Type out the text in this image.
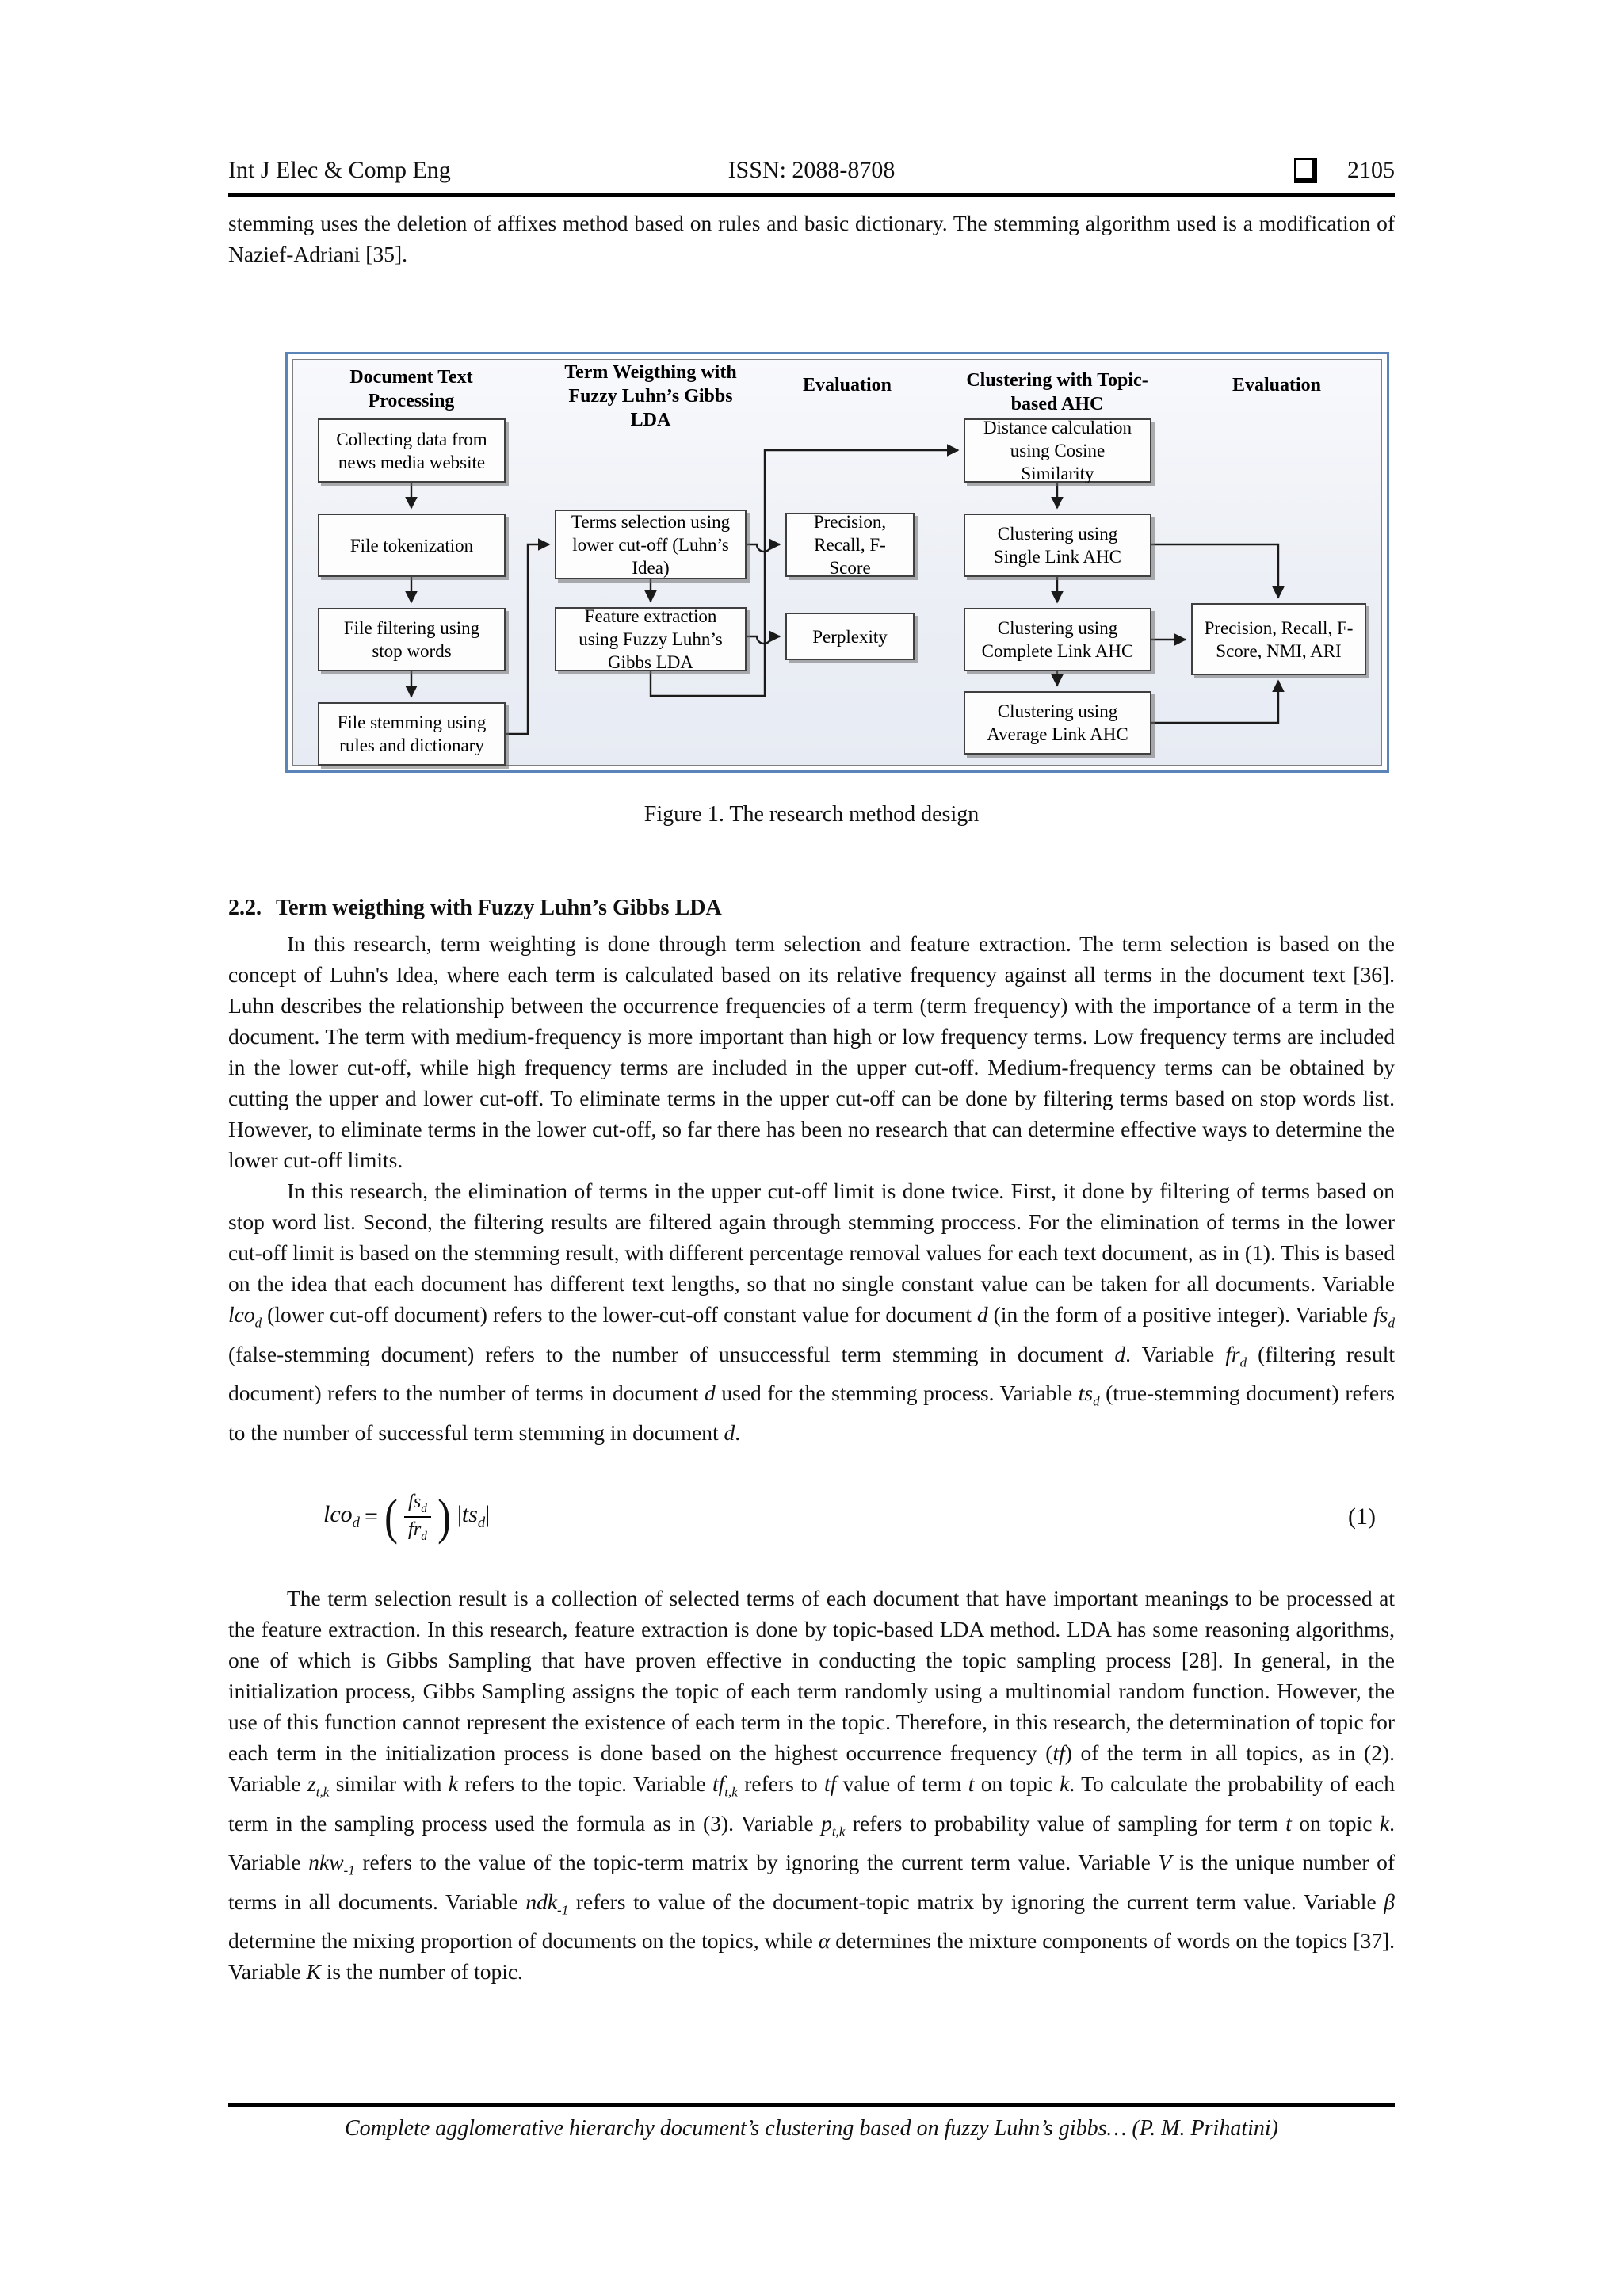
Int J Elec & Comp Eng	ISSN: 2088-8708	2105

stemming uses the deletion of affixes method based on rules and basic dictionary. The stemming algorithm used is a modification of Nazief-Adriani [35].

Document Text Processing
Term Weigthing with Fuzzy Luhn’s Gibbs LDA
Evaluation	Clustering with Topic-based AHC
Evaluation
Collecting data from news media website
File tokenization
File filtering using stop words
File stemming using rules and dictionary
Terms selection using lower cut-off (Luhn’s Idea)
Feature extraction using Fuzzy Luhn’s Gibbs LDA
Precision, Recall, F-Score
Perplexity
Distance calculation using Cosine Similarity
Clustering using Single Link AHC
Clustering using Complete Link AHC
Clustering using Average Link AHC
Precision, Recall, F-Score, NMI, ARI
Figure 1. The research method design
2.2. Term weigthing with Fuzzy Luhn’s Gibbs LDA

In this research, term weighting is done through term selection and feature extraction. The term selection is based on the concept of Luhn's Idea, where each term is calculated based on its relative frequency against all terms in the document text [36]. Luhn describes the relationship between the occurrence frequencies of a term (term frequency) with the importance of a term in the document. The term with medium-frequency is more important than high or low frequency terms. Low frequency terms are included in the lower cut-off, while high frequency terms are included in the upper cut-off. Medium-frequency terms can be obtained by cutting the upper and lower cut-off. To eliminate terms in the upper cut-off can be done by filtering terms based on stop words list. However, to eliminate terms in the lower cut-off, so far there has been no research that can determine effective ways to determine the lower cut-off limits.

In this research, the elimination of terms in the upper cut-off limit is done twice. First, it done by filtering of terms based on stop word list. Second, the filtering results are filtered again through stemming proccess. For the elimination of terms in the lower cut-off limit is based on the stemming result, with different percentage removal values for each text document, as in (1). This is based on the idea that each document has different text lengths, so that no single constant value can be taken for all documents. Variable lco$_d$ (lower cut-off document) refers to the lower-cut-off constant value for document d (in the form of a positive integer). Variable $fs_d$ (false-stemming document) refers to the number of unsuccessful term stemming in document d. Variable $fr_d$ (filtering result document) refers to the number of terms in document d used for the stemming process. Variable $ts_d$ (true-stemming document) refers to the number of successful term stemming in document d.

lco$_d$ = ( $\frac{fs_d}{fr_d}$ ) $|ts_d|$	(1)

The term selection result is a collection of selected terms of each document that have important meanings to be processed at the feature extraction. In this research, feature extraction is done by topic-based LDA method. LDA has some reasoning algorithms, one of which is Gibbs Sampling that have proven effective in conducting the topic sampling process [28]. In general, in the initialization process, Gibbs Sampling assigns the topic of each term randomly using a multinomial random function. However, the use of this function cannot represent the existence of each term in the topic. Therefore, in this research, the determination of topic for each term in the initialization process is done based on the highest occurrence frequency (tf) of the term in all topics, as in (2). Variable $z_{t,k}$ similar with k refers to the topic. Variable $tf_{t,k}$ refers to tf value of term t on topic k. To calculate the probability of each term in the sampling process used the formula as in (3). Variable $p_{t,k}$ refers to probability value of sampling for term t on topic k. Variable nkw$_{-1}$ refers to the value of the topic-term matrix by ignoring the current term value. Variable V is the unique number of terms in all documents. Variable ndk$_{-1}$ refers to value of the document-topic matrix by ignoring the current term value. Variable β determine the mixing proportion of documents on the topics, while α determines the mixture components of words on the topics [37]. Variable K is the number of topic.

Complete agglomerative hierarchy document’s clustering based on fuzzy Luhn’s gibbs… (P. M. Prihatini)
